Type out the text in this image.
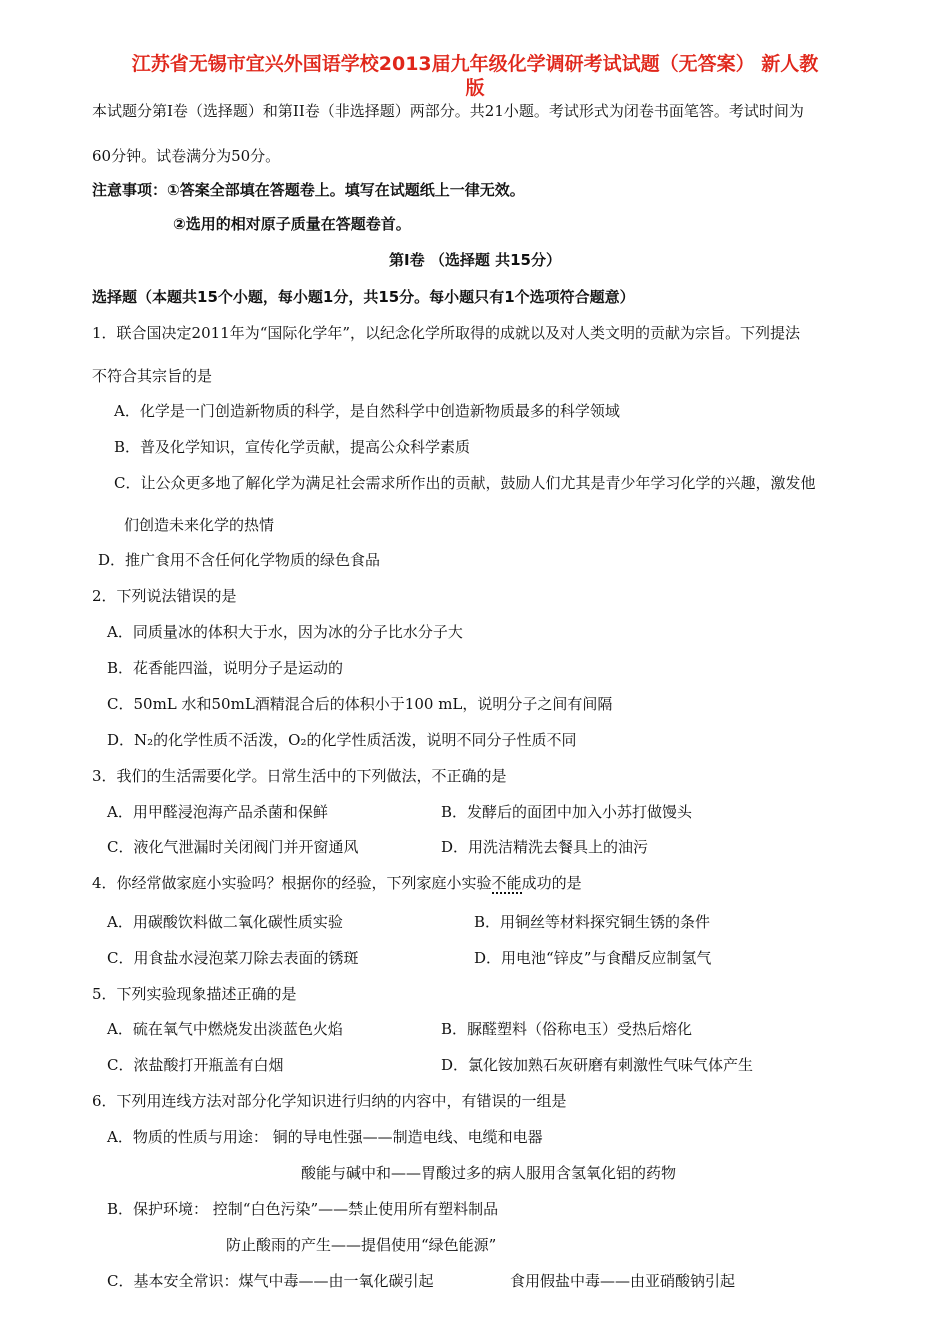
江苏省无锡市宜兴外国语学校2013届九年级化学调研考试试题（无答案） 新人教
版
本试题分第Ⅰ卷（选择题）和第II卷（非选择题）两部分。共21小题。考试形式为闭卷书面笔答。考试时间为
60分钟。试卷满分为50分。
注意事项：①答案全部填在答题卷上。填写在试题纸上一律无效。
②选用的相对原子质量在答题卷首。
第Ⅰ卷 （选择题 共15分）
选择题（本题共15个小题，每小题1分，共15分。每小题只有1个选项符合题意）
1．联合国决定2011年为“国际化学年”，以纪念化学所取得的成就以及对人类文明的贡献为宗旨。下列提法
不符合其宗旨的是
A．化学是一门创造新物质的科学，是自然科学中创造新物质最多的科学领域
B．普及化学知识，宣传化学贡献，提高公众科学素质
C．让公众更多地了解化学为满足社会需求所作出的贡献，鼓励人们尤其是青少年学习化学的兴趣，激发他
们创造未来化学的热情
D．推广食用不含任何化学物质的绿色食品
2．下列说法错误的是
A．同质量冰的体积大于水，因为冰的分子比水分子大
B．花香能四溢，说明分子是运动的
C．50mL 水和50mL酒精混合后的体积小于100 mL，说明分子之间有间隔
D．N₂的化学性质不活泼，O₂的化学性质活泼，说明不同分子性质不同
3．我们的生活需要化学。日常生活中的下列做法，不正确的是
A．用甲醛浸泡海产品杀菌和保鲜	B．发酵后的面团中加入小苏打做馒头
C．液化气泄漏时关闭阀门并开窗通风	D．用洗洁精洗去餐具上的油污
4．你经常做家庭小实验吗？根据你的经验，下列家庭小实验不能成功的是
A．用碳酸饮料做二氧化碳性质实验	B．用铜丝等材料探究铜生锈的条件
C．用食盐水浸泡菜刀除去表面的锈斑	D．用电池“锌皮”与食醋反应制氢气
5．下列实验现象描述正确的是
A．硫在氧气中燃烧发出淡蓝色火焰	B．脲醛塑料（俗称电玉）受热后熔化
C．浓盐酸打开瓶盖有白烟	D．氯化铵加熟石灰研磨有刺激性气味气体产生
6．下列用连线方法对部分化学知识进行归纳的内容中，有错误的一组是
A．物质的性质与用途： 铜的导电性强——制造电线、电缆和电器
酸能与碱中和——胃酸过多的病人服用含氢氧化铝的药物
B．保护环境： 控制“白色污染”——禁止使用所有塑料制品
防止酸雨的产生——提倡使用“绿色能源”
C．基本安全常识：煤气中毒——由一氧化碳引起	食用假盐中毒——由亚硝酸钠引起
